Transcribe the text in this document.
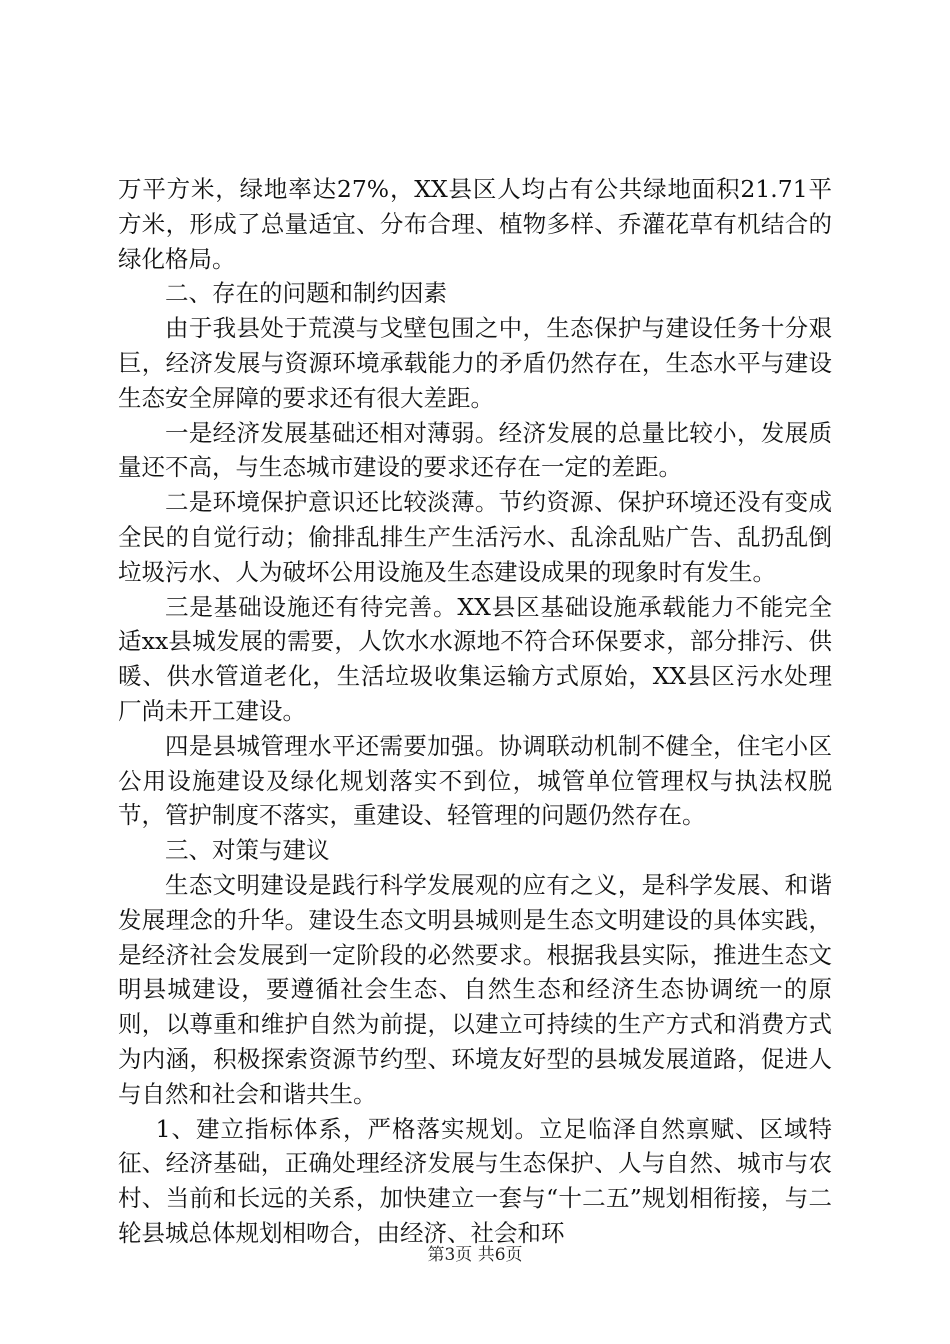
万平方米，绿地率达27%，XX县区人均占有公共绿地面积21.71平方米，形成了总量适宜、分布合理、植物多样、乔灌花草有机结合的绿化格局。

二、存在的问题和制约因素

由于我县处于荒漠与戈壁包围之中，生态保护与建设任务十分艰巨，经济发展与资源环境承载能力的矛盾仍然存在，生态水平与建设生态安全屏障的要求还有很大差距。

一是经济发展基础还相对薄弱。经济发展的总量比较小，发展质量还不高，与生态城市建设的要求还存在一定的差距。

二是环境保护意识还比较淡薄。节约资源、保护环境还没有变成全民的自觉行动；偷排乱排生产生活污水、乱涂乱贴广告、乱扔乱倒垃圾污水、人为破坏公用设施及生态建设成果的现象时有发生。

三是基础设施还有待完善。XX县区基础设施承载能力不能完全适xx县城发展的需要，人饮水水源地不符合环保要求，部分排污、供暖、供水管道老化，生活垃圾收集运输方式原始，XX县区污水处理厂尚未开工建设。

四是县城管理水平还需要加强。协调联动机制不健全，住宅小区公用设施建设及绿化规划落实不到位，城管单位管理权与执法权脱节，管护制度不落实，重建设、轻管理的问题仍然存在。

三、对策与建议

生态文明建设是践行科学发展观的应有之义，是科学发展、和谐发展理念的升华。建设生态文明县城则是生态文明建设的具体实践，是经济社会发展到一定阶段的必然要求。根据我县实际，推进生态文明县城建设，要遵循社会生态、自然生态和经济生态协调统一的原则，以尊重和维护自然为前提，以建立可持续的生产方式和消费方式为内涵，积极探索资源节约型、环境友好型的县城发展道路，促进人与自然和社会和谐共生。

1、建立指标体系，严格落实规划。立足临泽自然禀赋、区域特征、经济基础，正确处理经济发展与生态保护、人与自然、城市与农村、当前和长远的关系，加快建立一套与“十二五”规划相衔接，与二轮县城总体规划相吻合，由经济、社会和环

第3页 共6页
